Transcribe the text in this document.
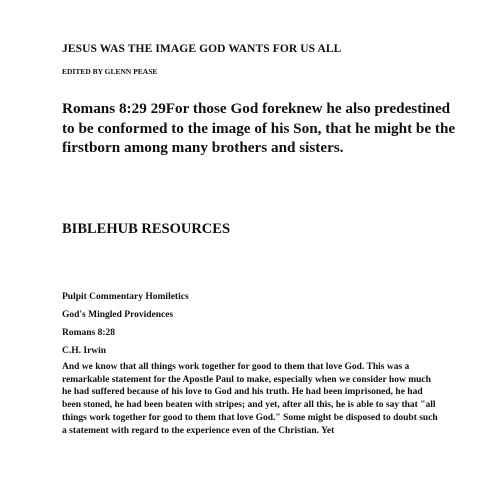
JESUS WAS THE IMAGE GOD WANTS FOR US ALL
EDITED BY GLENN PEASE

Romans 8:29 29For those God foreknew he also predestined to be conformed to the image of his Son, that he might be the firstborn among many brothers and sisters.

BIBLEHUB RESOURCES
Pulpit Commentary Homiletics
God's Mingled Providences
Romans 8:28
C.H. Irwin

And we know that all things work together for good to them that love God. This was a remarkable statement for the Apostle Paul to make, especially when we consider how much he had suffered because of his love to God and his truth. He had been imprisoned, he had been stoned, he had been beaten with stripes; and yet, after all this, he is able to say that "all things work together for good to them that love God." Some might be disposed to doubt such a statement with regard to the experience even of the Christian. Yet
